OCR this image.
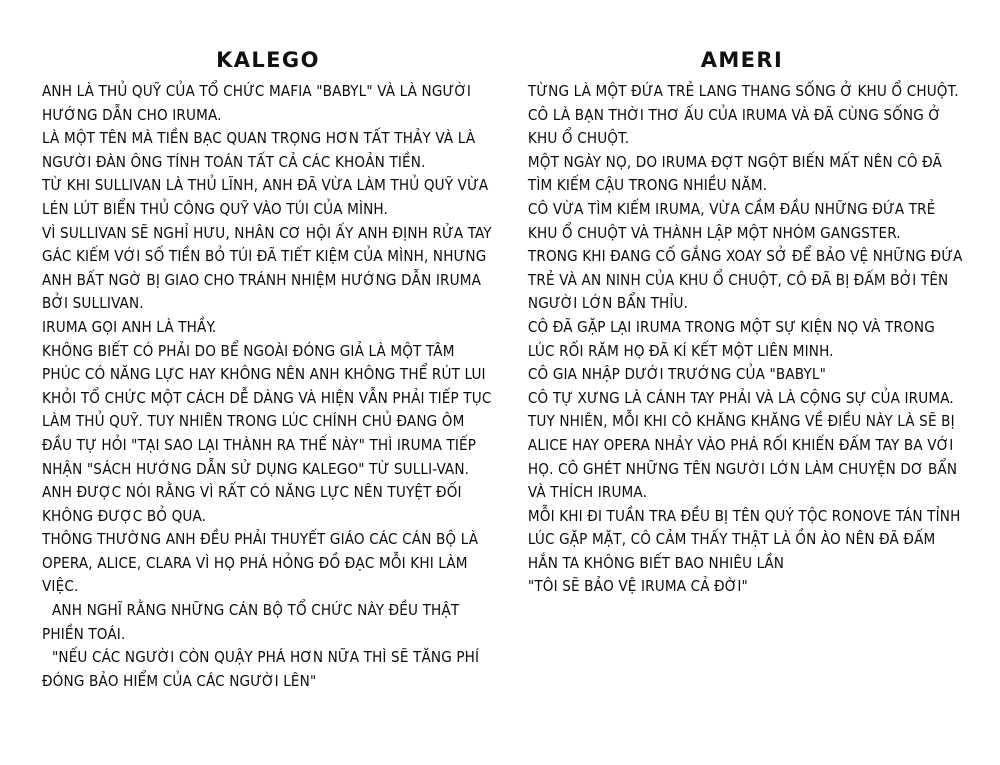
KALEGO

ANH LÀ THỦ QUỸ CỦA TỔ CHỨC MAFIA "BABYL" VÀ LÀ NGƯỜI HƯỚNG DẪN CHO IRUMA.

LÀ MỘT TÊN MÀ TIỀN BẠC QUAN TRỌNG HƠN TẤT THẢY VÀ LÀ NGƯỜI ĐÀN ÔNG TÍNH TOÁN TẤT CẢ CÁC KHOẢN TIỀN.

TỪ KHI SULLIVAN LÀ THỦ LĨNH, ANH ĐÃ VỪA LÀM THỦ QUỸ VỪA LÉN LÚT BIỂN THỦ CÔNG QUỸ VÀO TÚI CỦA MÌNH.

VÌ SULLIVAN SẼ NGHỈ HƯU, NHÂN CƠ HỘI ẤY ANH ĐỊNH RỬA TAY GÁC KIẾM VỚI SỐ TIỀN BỎ TÚI ĐÃ TIẾT KIỆM CỦA MÌNH, NHƯNG ANH BẤT NGỜ BỊ GIAO CHO TRÁNH NHIỆM HƯỚNG DẪN IRUMA BỞI SULLIVAN.

IRUMA GỌI ANH LÀ THẦY.

KHÔNG BIẾT CÓ PHẢI DO BỂ NGOÀI ĐÓNG GIẢ LÀ MỘT TÂM PHÚC CÓ NĂNG LỰC HAY KHÔNG NÊN ANH KHÔNG THỂ RÚT LUI KHỎI TỔ CHỨC MỘT CÁCH DỄ DÀNG VÀ HIỆN VẪN PHẢI TIẾP TỤC LÀM THỦ QUỸ. TUY NHIÊN TRONG LÚC CHÍNH CHỦ ĐANG ÔM ĐẦU TỰ HỎI "TẠI SAO LẠI THÀNH RA THẾ NÀY" THÌ IRUMA TIẾP NHẬN "SÁCH HƯỚNG DẪN SỬ DỤNG KALEGO" TỪ SULLI-VAN. ANH ĐƯỢC NÓI RẰNG VÌ RẤT CÓ NĂNG LỰC NÊN TUYỆT ĐỐI KHÔNG ĐƯỢC BỎ QUA.

THÔNG THƯỜNG ANH ĐỀU PHẢI THUYẾT GIÁO CÁC CÁN BỘ LÀ OPERA, ALICE, CLARA VÌ HỌ PHÁ HỎNG ĐỒ ĐẠC MỖI KHI LÀM VIỆC.

ANH NGHĨ RẰNG NHỮNG CÁN BỘ TỔ CHỨC NÀY ĐỀU THẬT PHIỀN TOÁI.

"NẾU CÁC NGƯỜI CÒN QUẬY PHÁ HƠN NỮA THÌ SẼ TĂNG PHÍ ĐÓNG BẢO HIỂM CỦA CÁC NGƯỜI LÊN"

AMERI

TỪNG LÀ MỘT ĐỨA TRẺ LANG THANG SỐNG Ở KHU Ổ CHUỘT.

CÔ LÀ BẠN THỜI THƠ ẤU CỦA IRUMA VÀ ĐÃ CÙNG SỐNG Ở KHU Ổ CHUỘT.

MỘT NGÀY NỌ, DO IRUMA ĐỢT NGỘT BIẾN MẤT NÊN CÔ ĐÃ TÌM KIẾM CẬU TRONG NHIỀU NĂM.

CÔ VỪA TÌM KIẾM IRUMA, VỪA CẦM ĐẦU NHỮNG ĐỨA TRẺ KHU Ổ CHUỘT VÀ THÀNH LẬP MỘT NHÓM GANGSTER.

TRONG KHI ĐANG CỐ GẮNG XOAY SỞ ĐỂ BẢO VỆ NHỮNG ĐỨA TRẺ VÀ AN NINH CỦA KHU Ổ CHUỘT, CÔ ĐÃ BỊ ĐẤM BỞI TÊN NGƯỜI LỚN BẨN THỈU.

CÔ ĐÃ GẶP LẠI IRUMA TRONG MỘT SỰ KIỆN NỌ VÀ TRONG LÚC RỐI RĂM HỌ ĐÃ KÍ KẾT MỘT LIÊN MINH.

CÔ GIA NHẬP DƯỚI TRƯỚNG CỦA "BABYL"

CÔ TỰ XƯNG LÀ CÁNH TAY PHẢI VÀ LÀ CỘNG SỰ CỦA IRUMA.

TUY NHIÊN, MỖI KHI CÔ KHĂNG KHĂNG VỀ ĐIỀU NÀY LÀ SẼ BỊ ALICE HAY OPERA NHẢY VÀO PHÁ RỐI KHIẾN ĐẤM TAY BA VỚI HỌ. CÔ GHÉT NHỮNG TÊN NGƯỜI LỚN LÀM CHUYỆN DƠ BẨN VÀ THÍCH IRUMA.

MỖI KHI ĐI TUẦN TRA ĐỀU BỊ TÊN QUÝ TỘC RONOVE TÁN TỈNH LÚC GẶP MẶT, CÔ CẢM THẤY THẬT LÀ ỒN ÀO NÊN ĐÃ ĐẤM HẮN TA KHÔNG BIẾT BAO NHIÊU LẦN

"TÔI SẼ BẢO VỆ IRUMA CẢ ĐỜI"
